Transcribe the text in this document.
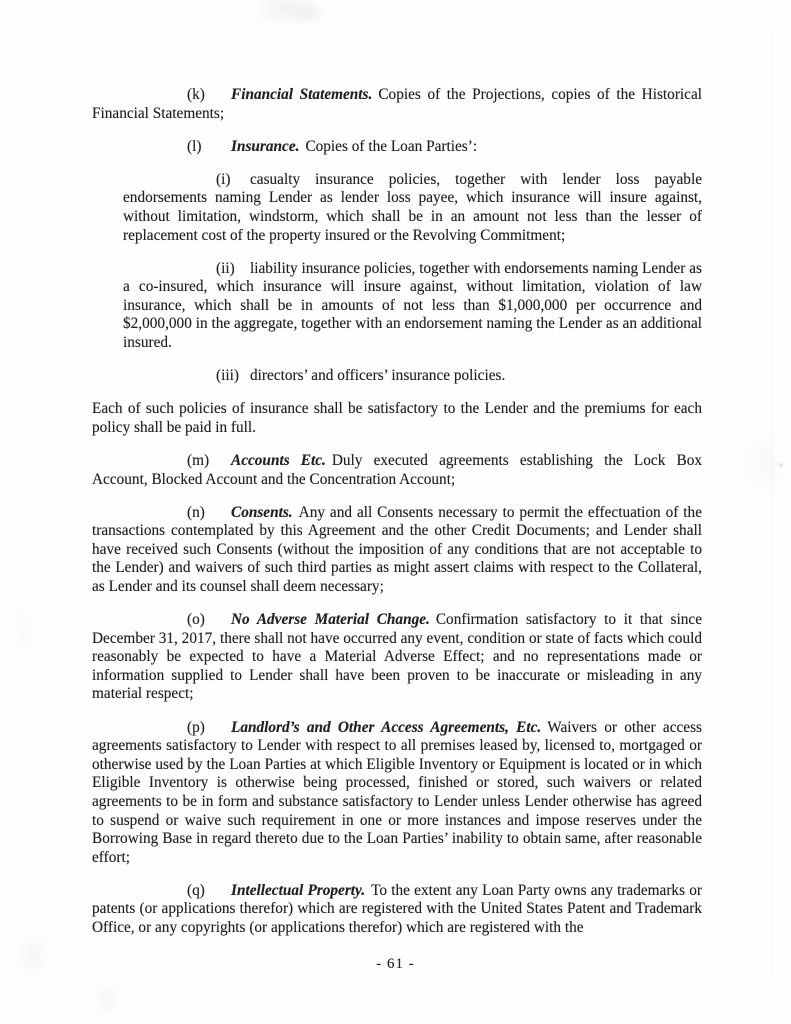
(k) Financial Statements. Copies of the Projections, copies of the Historical Financial Statements;

(l) Insurance. Copies of the Loan Parties’:

(i) casualty insurance policies, together with lender loss payable endorsements naming Lender as lender loss payee, which insurance will insure against, without limitation, windstorm, which shall be in an amount not less than the lesser of replacement cost of the property insured or the Revolving Commitment;

(ii) liability insurance policies, together with endorsements naming Lender as a co-insured, which insurance will insure against, without limitation, violation of law insurance, which shall be in amounts of not less than $1,000,000 per occurrence and $2,000,000 in the aggregate, together with an endorsement naming the Lender as an additional insured.

(iii) directors’ and officers’ insurance policies.

Each of such policies of insurance shall be satisfactory to the Lender and the premiums for each policy shall be paid in full.

(m) Accounts Etc. Duly executed agreements establishing the Lock Box Account, Blocked Account and the Concentration Account;

(n) Consents. Any and all Consents necessary to permit the effectuation of the transactions contemplated by this Agreement and the other Credit Documents; and Lender shall have received such Consents (without the imposition of any conditions that are not acceptable to the Lender) and waivers of such third parties as might assert claims with respect to the Collateral, as Lender and its counsel shall deem necessary;

(o) No Adverse Material Change. Confirmation satisfactory to it that since December 31, 2017, there shall not have occurred any event, condition or state of facts which could reasonably be expected to have a Material Adverse Effect; and no representations made or information supplied to Lender shall have been proven to be inaccurate or misleading in any material respect;

(p) Landlord’s and Other Access Agreements, Etc. Waivers or other access agreements satisfactory to Lender with respect to all premises leased by, licensed to, mortgaged or otherwise used by the Loan Parties at which Eligible Inventory or Equipment is located or in which Eligible Inventory is otherwise being processed, finished or stored, such waivers or related agreements to be in form and substance satisfactory to Lender unless Lender otherwise has agreed to suspend or waive such requirement in one or more instances and impose reserves under the Borrowing Base in regard thereto due to the Loan Parties’ inability to obtain same, after reasonable effort;

(q) Intellectual Property. To the extent any Loan Party owns any trademarks or patents (or applications therefor) which are registered with the United States Patent and Trademark Office, or any copyrights (or applications therefor) which are registered with the

- 61 -
